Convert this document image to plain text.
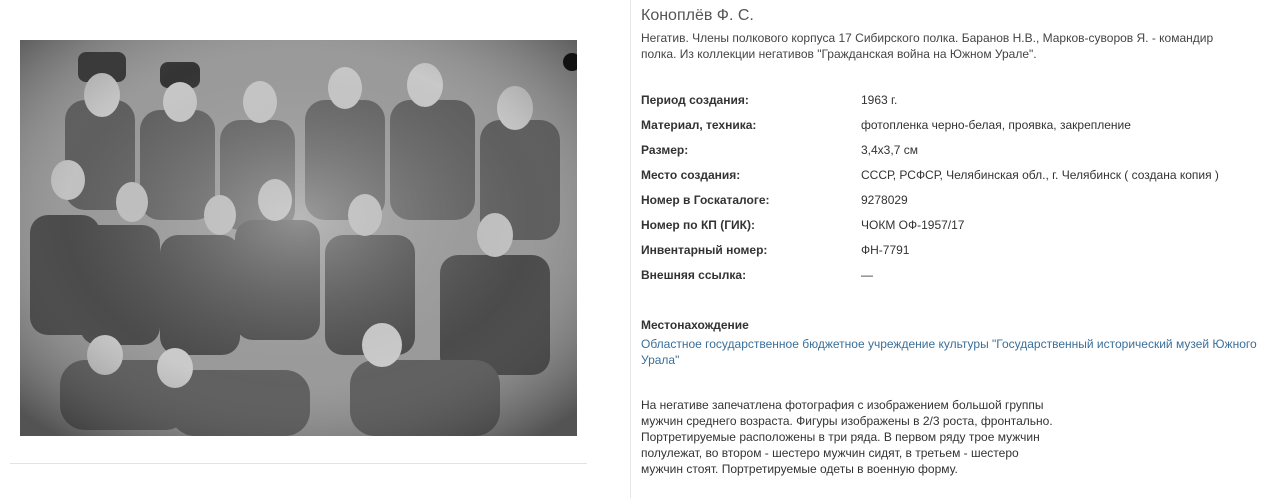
Коноплёв Ф. С.
Негатив. Члены полкового корпуса 17 Сибирского полка. Баранов Н.В., Марков-суворов Я. - командир полка. Из коллекции негативов "Гражданская война на Южном Урале".
Период создания:	1963 г.
Материал, техника:	фотопленка черно-белая, проявка, закрепление
Размер:	3,4х3,7 см
Место создания:	СССР, РСФСР, Челябинская обл., г. Челябинск ( создана копия )
Номер в Госкаталоге:	9278029
Номер по КП (ГИК):	ЧОКМ ОФ-1957/17
Инвентарный номер:	ФН-7791
Внешняя ссылка:	—
Местонахождение
Областное государственное бюджетное учреждение культуры "Государственный исторический музей Южного Урала"
На негативе запечатлена фотография с изображением большой группы мужчин среднего возраста. Фигуры изображены в 2/3 роста, фронтально. Портретируемые расположены в три ряда. В первом ряду трое мужчин полулежат, во втором - шестеро мужчин сидят, в третьем - шестеро мужчин стоят. Портретируемые одеты в военную форму.
